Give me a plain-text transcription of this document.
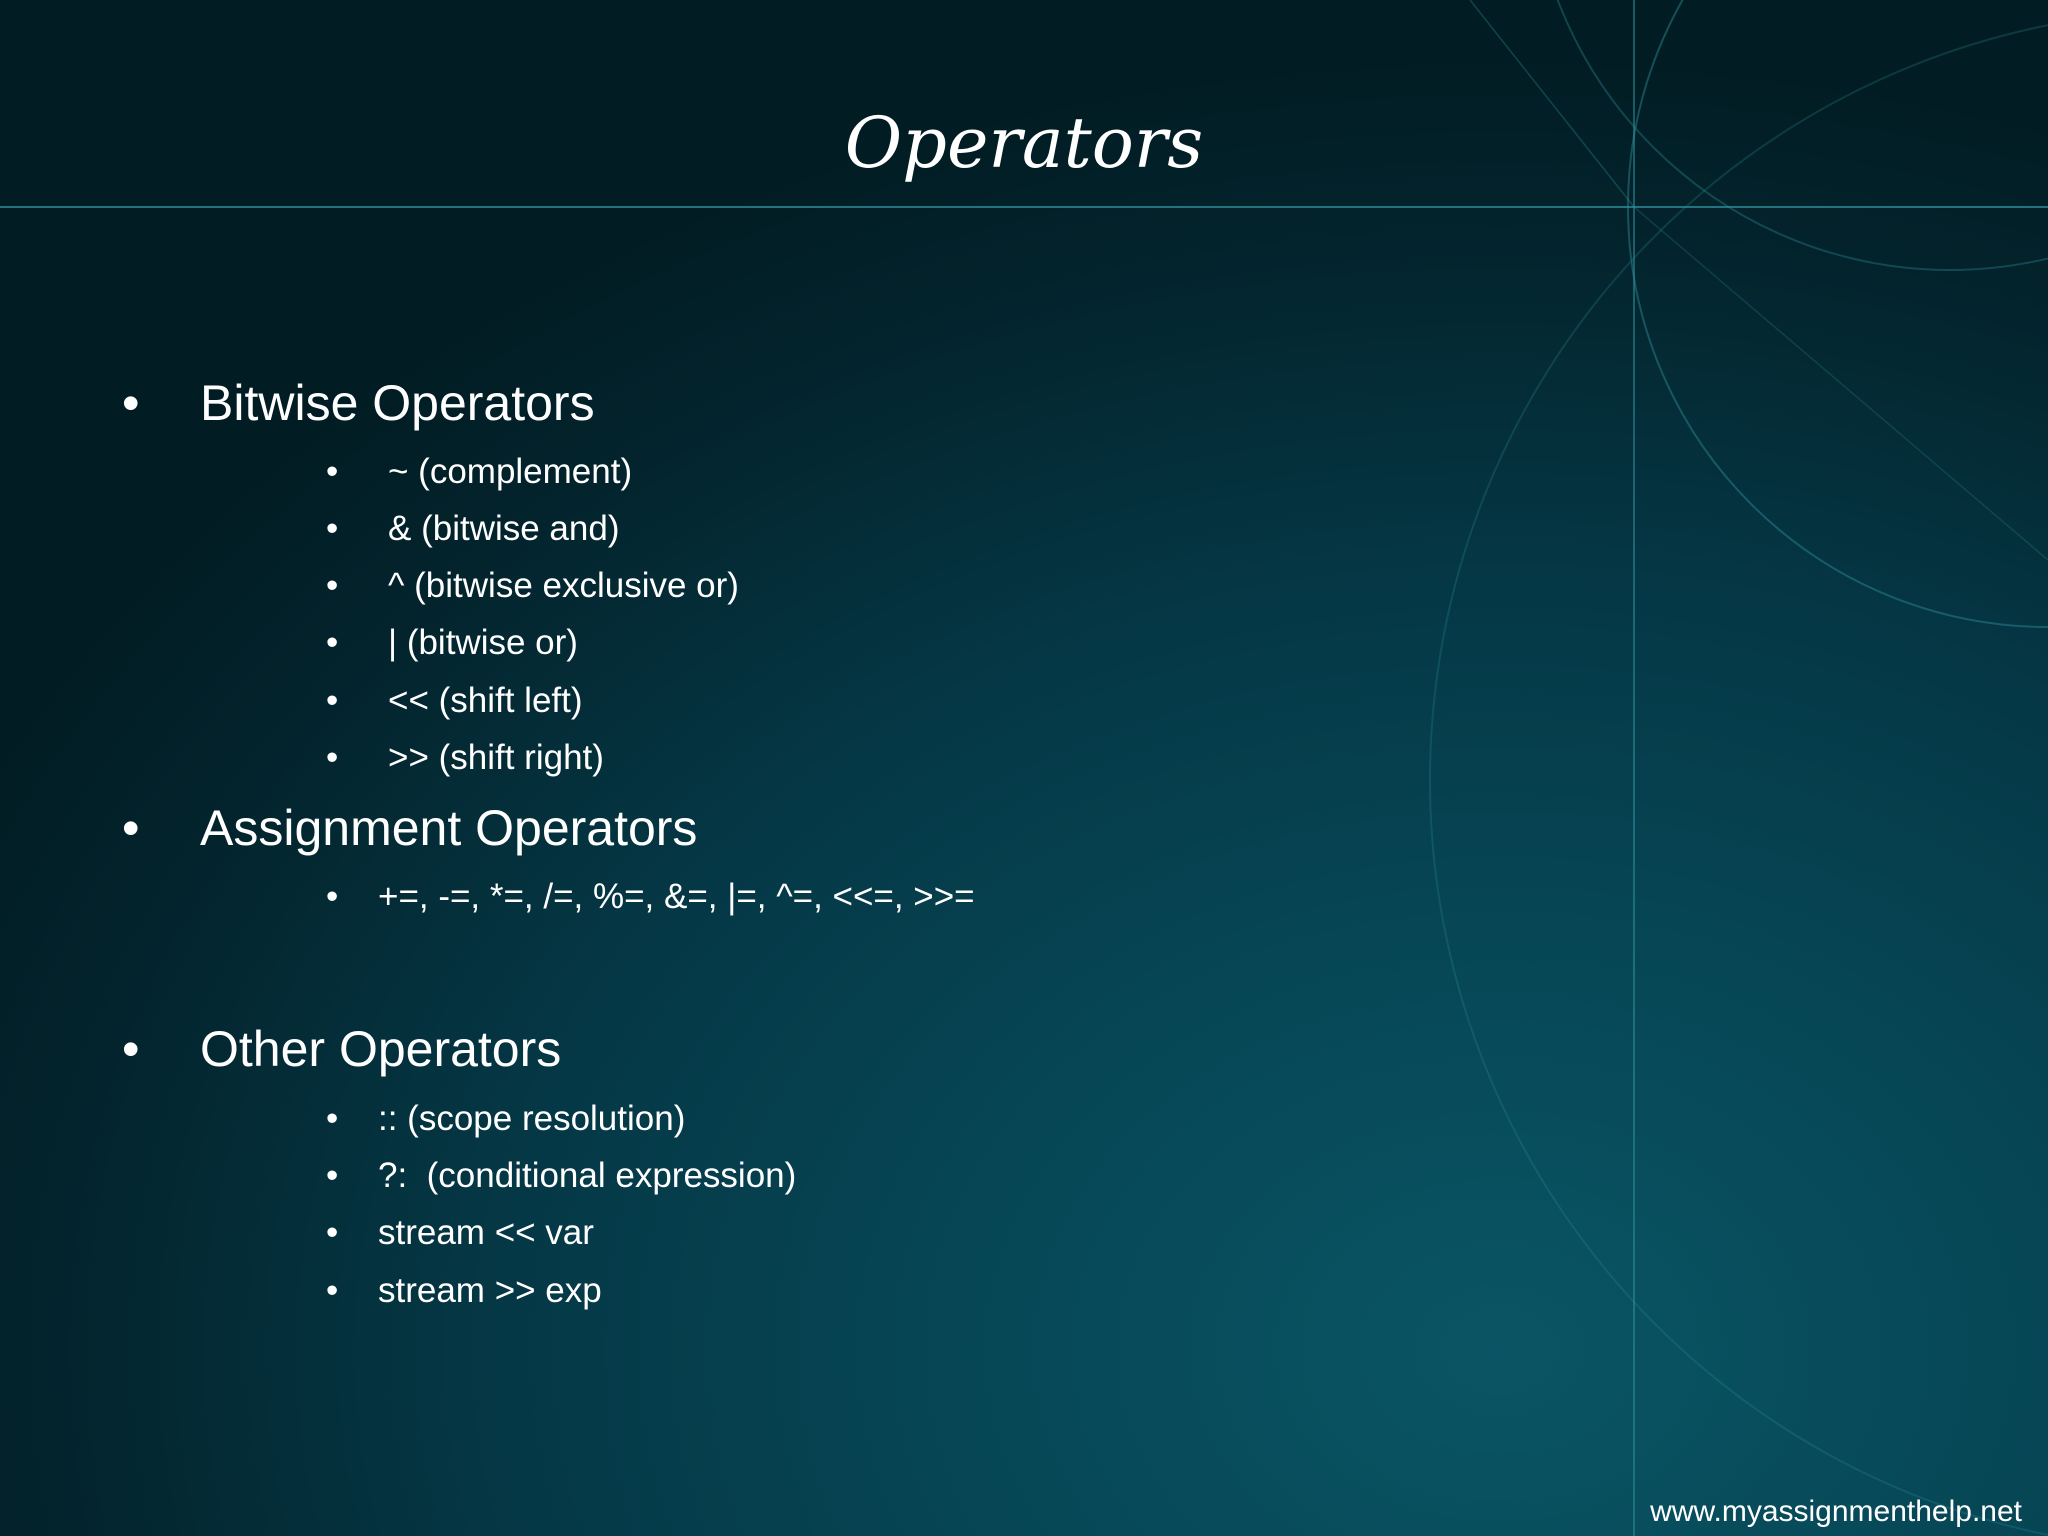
Operators
• Bitwise Operators
• ~ (complement)
• & (bitwise and)
• ^ (bitwise exclusive or)
• | (bitwise or)
• << (shift left)
• >> (shift right)
• Assignment Operators
• +=, -=, *=, /=, %=, &=, |=, ^=, <<=, >>=
• Other Operators
• :: (scope resolution)
• ?:  (conditional expression)
• stream << var
• stream >> exp
www.myassignmenthelp.net
